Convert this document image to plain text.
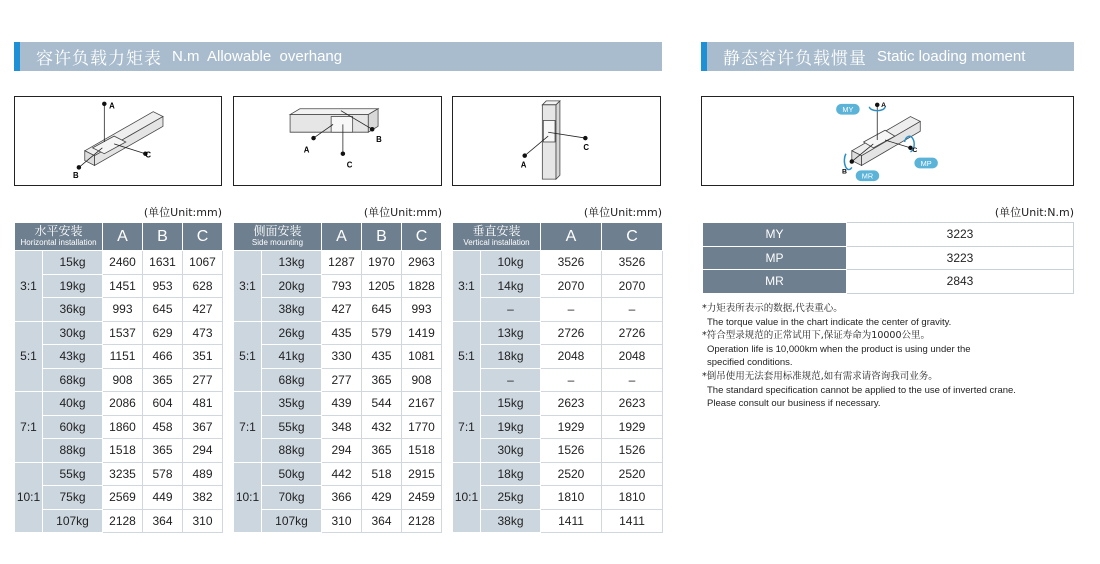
容许负载力矩表 N.m  Allowable  overhang	静态容许负载惯量 Static loading moment
A
C
B
B
A
C
C
A
A
C
B
MY
MP
MR
(单位Unit:mm)	(单位Unit:mm)	(单位Unit:mm)	(单位Unit:N.m)
水平安装
Horizontal installation		A	B	C
3:1	15kg	2460	1631	1067
	19kg	1451	953	628
	36kg	993	645	427
5:1	30kg	1537	629	473
	43kg	1151	466	351
	68kg	908	365	277
7:1	40kg	2086	604	481
	60kg	1860	458	367
	88kg	1518	365	294
10:1	55kg	3235	578	489
	75kg	2569	449	382
	107kg	2128	364	310
侧面安装
Side mounting		A	B	C
3:1	13kg	1287	1970	2963
	20kg	793	1205	1828
	38kg	427	645	993
5:1	26kg	435	579	1419
	41kg	330	435	1081
	68kg	277	365	908
7:1	35kg	439	544	2167
	55kg	348	432	1770
	88kg	294	365	1518
10:1	50kg	442	518	2915
	70kg	366	429	2459
	107kg	310	364	2128
垂直安装
Vertical installation		A	C
3:1	10kg	3526	3526
	14kg	2070	2070
	–	–	–
5:1	13kg	2726	2726
	18kg	2048	2048
	–	–	–
7:1	15kg	2623	2623
	19kg	1929	1929
	30kg	1526	1526
10:1	18kg	2520	2520
	25kg	1810	1810
	38kg	1411	1411
MY	3223
MP	3223
MR	2843
*力矩表所表示的数据,代表重心。
The torque value in the chart indicate the center of gravity.
*符合型录规范的正常试用下,保证寿命为10000公里。
Operation life is 10,000km when the product is using under the
specified conditions.
*倒吊使用无法套用标准规范,如有需求请咨询我司业务。
The standard specification cannot be applied to the use of inverted crane.
Please consult our business if necessary.
